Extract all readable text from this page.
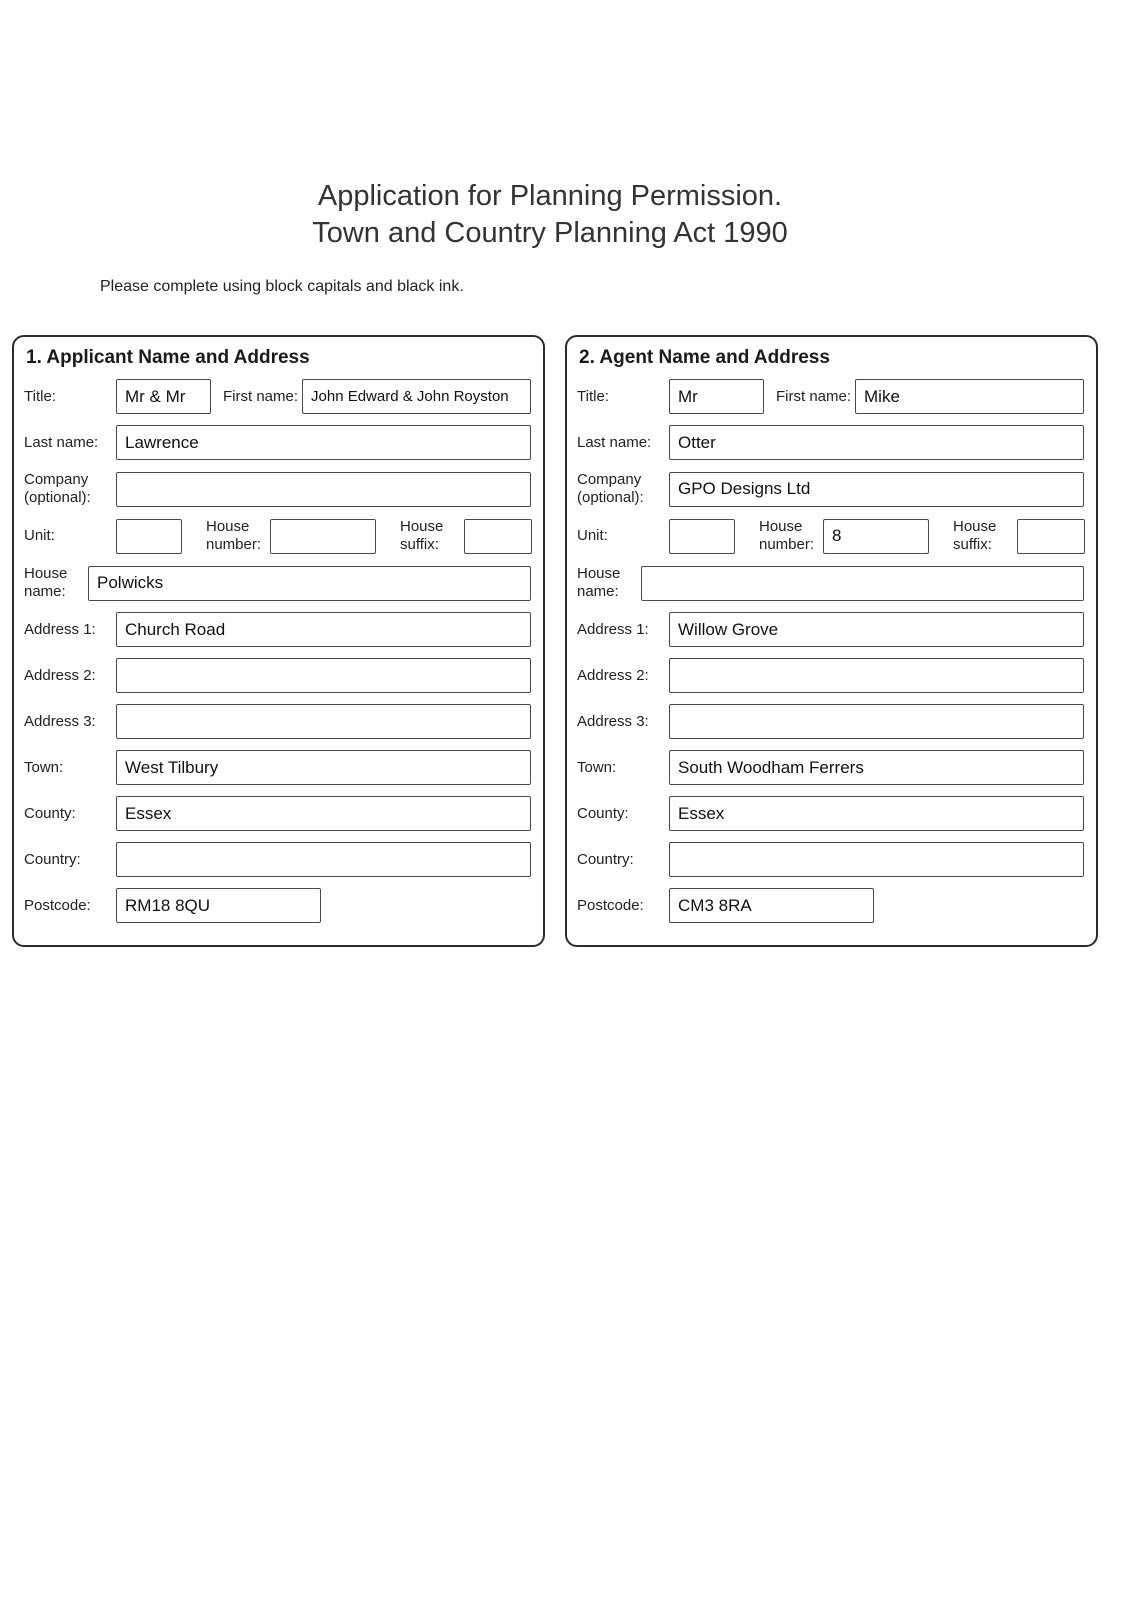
Application for Planning Permission.
Town and Country Planning Act 1990
Please complete using block capitals and black ink.
1. Applicant Name and Address
Title:
Mr & Mr	First name:
John Edward & John Royston
Last name:
Lawrence
Company (optional):
Unit:
House number:
House suffix:
House name:
Polwicks
Address 1:
Church Road
Address 2:
Address 3:
Town:
West Tilbury
County:
Essex
Country:
Postcode:
RM18 8QU
2. Agent Name and Address
Title:
Mr	First name:
Mike
Last name:
Otter
Company (optional):
GPO Designs Ltd
Unit:
House number:
8
House suffix:
House name:
Address 1:
Willow Grove
Address 2:
Address 3:
Town:
South Woodham Ferrers
County:
Essex
Country:
Postcode:
CM3 8RA
